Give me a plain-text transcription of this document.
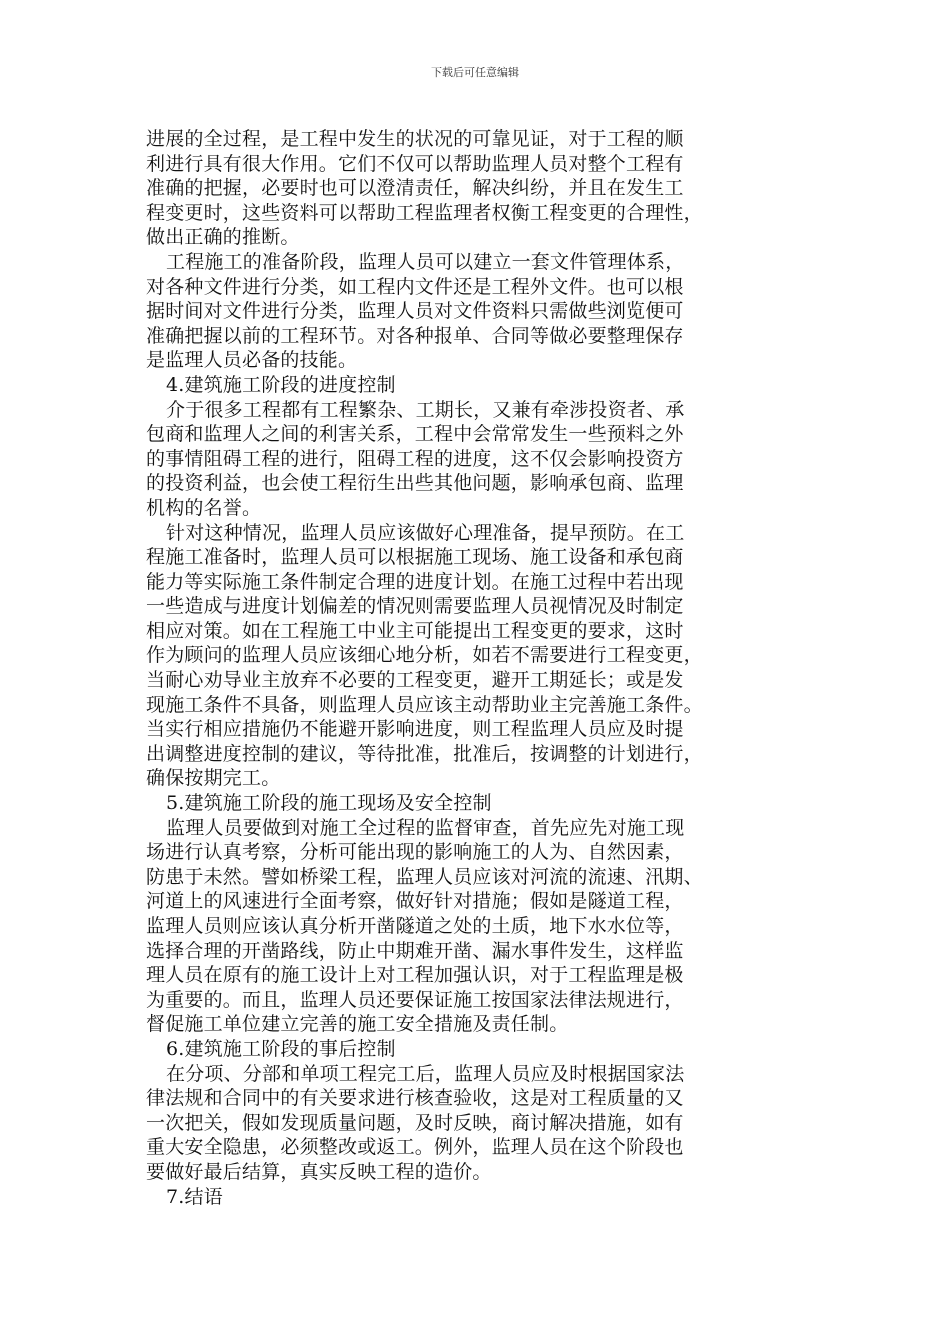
下载后可任意编辑
进展的全过程，是工程中发生的状况的可靠见证，对于工程的顺
利进行具有很大作用。它们不仅可以帮助监理人员对整个工程有
准确的把握，必要时也可以澄清责任，解决纠纷，并且在发生工
程变更时，这些资料可以帮助工程监理者权衡工程变更的合理性，
做出正确的推断。
工程施工的准备阶段，监理人员可以建立一套文件管理体系，
对各种文件进行分类，如工程内文件还是工程外文件。也可以根
据时间对文件进行分类，监理人员对文件资料只需做些浏览便可
准确把握以前的工程环节。对各种报单、合同等做必要整理保存
是监理人员必备的技能。
4.建筑施工阶段的进度控制
介于很多工程都有工程繁杂、工期长，又兼有牵涉投资者、承
包商和监理人之间的利害关系，工程中会常常发生一些预料之外
的事情阻碍工程的进行，阻碍工程的进度，这不仅会影响投资方
的投资利益，也会使工程衍生出些其他问题，影响承包商、监理
机构的名誉。
针对这种情况，监理人员应该做好心理准备，提早预防。在工
程施工准备时，监理人员可以根据施工现场、施工设备和承包商
能力等实际施工条件制定合理的进度计划。在施工过程中若出现
一些造成与进度计划偏差的情况则需要监理人员视情况及时制定
相应对策。如在工程施工中业主可能提出工程变更的要求，这时
作为顾问的监理人员应该细心地分析，如若不需要进行工程变更，
当耐心劝导业主放弃不必要的工程变更，避开工期延长；或是发
现施工条件不具备，则监理人员应该主动帮助业主完善施工条件。
当实行相应措施仍不能避开影响进度，则工程监理人员应及时提
出调整进度控制的建议，等待批准，批准后，按调整的计划进行，
确保按期完工。
5.建筑施工阶段的施工现场及安全控制
监理人员要做到对施工全过程的监督审查，首先应先对施工现
场进行认真考察，分析可能出现的影响施工的人为、自然因素，
防患于未然。譬如桥梁工程，监理人员应该对河流的流速、汛期、
河道上的风速进行全面考察，做好针对措施；假如是隧道工程，
监理人员则应该认真分析开凿隧道之处的土质，地下水水位等，
选择合理的开凿路线，防止中期难开凿、漏水事件发生，这样监
理人员在原有的施工设计上对工程加强认识，对于工程监理是极
为重要的。而且，监理人员还要保证施工按国家法律法规进行，
督促施工单位建立完善的施工安全措施及责任制。
6.建筑施工阶段的事后控制
在分项、分部和单项工程完工后，监理人员应及时根据国家法
律法规和合同中的有关要求进行核查验收，这是对工程质量的又
一次把关，假如发现质量问题，及时反映，商讨解决措施，如有
重大安全隐患，必须整改或返工。例外，监理人员在这个阶段也
要做好最后结算，真实反映工程的造价。
7.结语
